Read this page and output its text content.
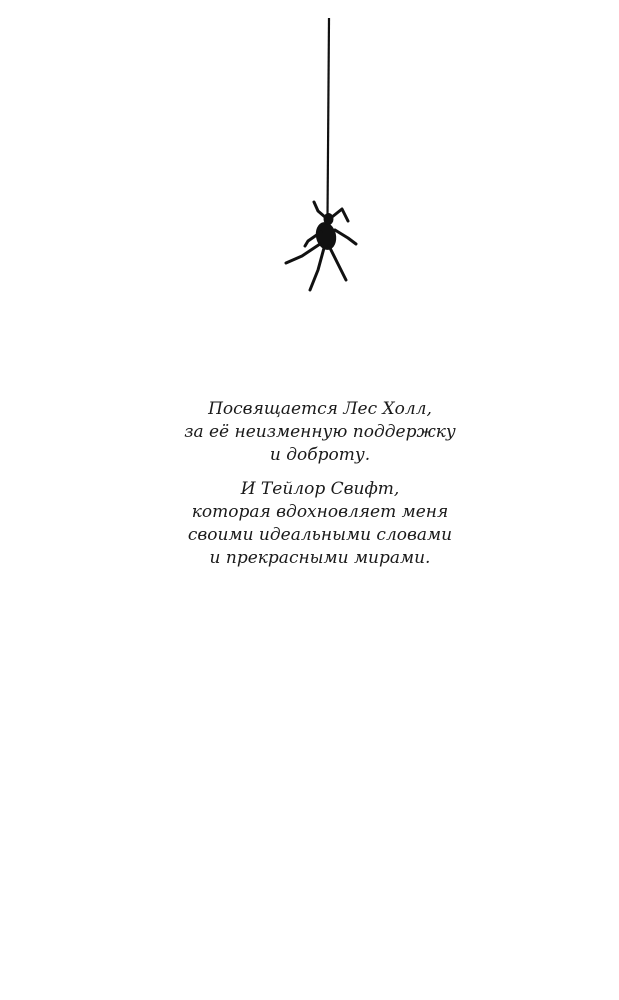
Посвящается Лес Холл,
за её неизменную поддержку
и доброту.

И Тейлор Свифт,
которая вдохновляет меня
своими идеальными словами
и прекрасными мирами.
